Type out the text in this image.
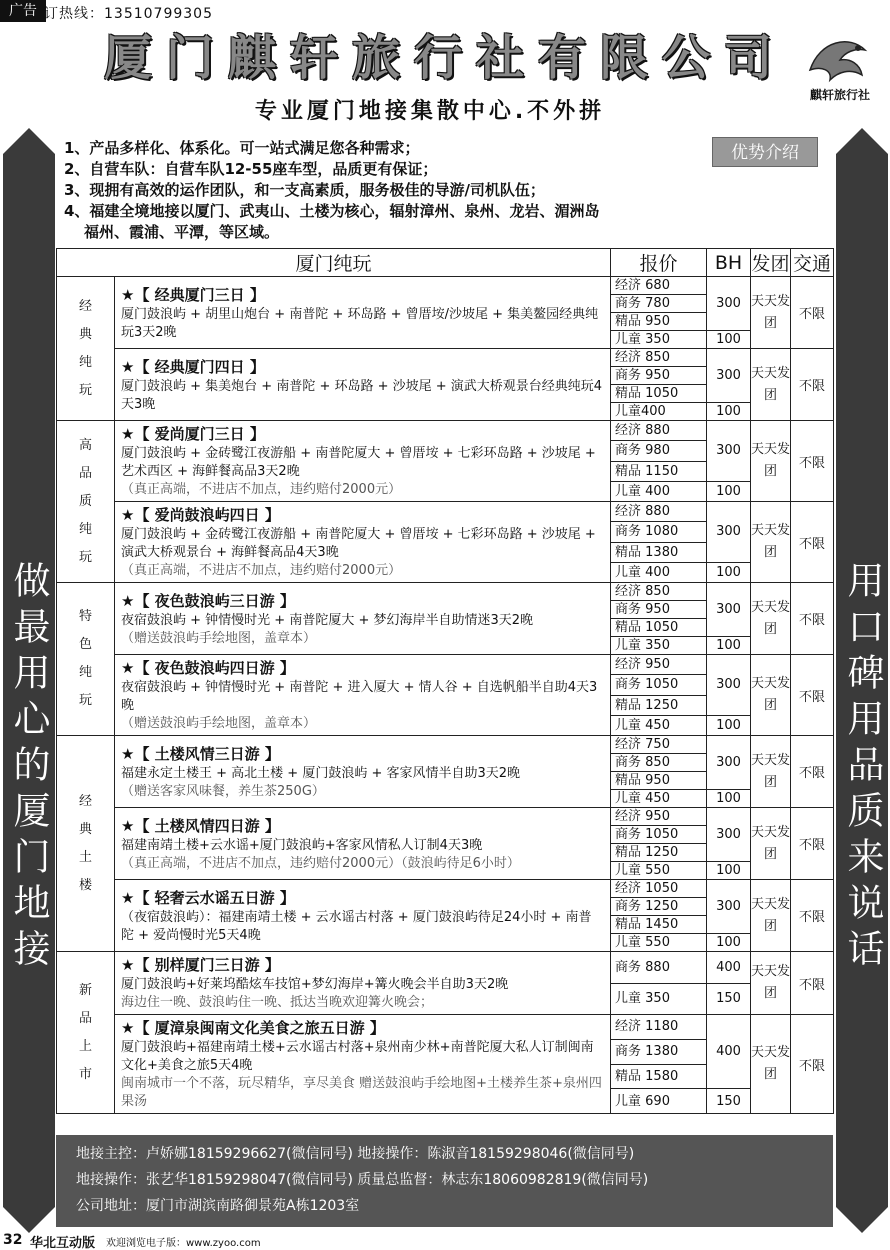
广告 订热线：13510799305
厦门麒轩旅行社有限公司
麒轩旅行社
专业厦门地接集散中心.不外拼
做最用心的厦门地接	用口碑用品质来说话
1、产品多样化、体系化。可一站式满足您各种需求；
2、自营车队：自营车队12-55座车型，品质更有保证；
3、现拥有高效的运作团队，和一支高素质，服务极佳的导游/司机队伍；
4、福建全境地接以厦门、武夷山、土楼为核心，辐射漳州、泉州、龙岩、湄洲岛
福州、霞浦、平潭，等区域。
优势介绍
厦门纯玩		报价	BH	发团	交通
经典纯玩	★【 经典厦门三日 】
厦门鼓浪屿 + 胡里山炮台 + 南普陀 + 环岛路 + 曾厝垵/沙坡尾 + 集美鳌园经典纯玩3天2晚	经济 680	300	天天发团	不限
		商务 780			
		精品 950			
		儿童 350	100		

	★【 经典厦门四日 】
厦门鼓浪屿 + 集美炮台 + 南普陀 + 环岛路 + 沙坡尾 + 演武大桥观景台经典纯玩4天3晚	经济 850	300	天天发团	不限
		商务 950			
		精品 1050			
		儿童400	100		
高品质纯玩	★【 爱尚厦门三日 】
厦门鼓浪屿 + 金砖鹭江夜游船 + 南普陀厦大 + 曾厝垵 + 七彩环岛路 + 沙坡尾 + 艺术西区 + 海鲜餐高品3天2晚
（真正高端，不进店不加点，违约赔付2000元）	经济 880	300	天天发团	不限
		商务 980			
		精品 1150			
		儿童 400	100		

	★【 爱尚鼓浪屿四日 】
厦门鼓浪屿 + 金砖鹭江夜游船 + 南普陀厦大 + 曾厝垵 + 七彩环岛路 + 沙坡尾 + 演武大桥观景台 + 海鲜餐高品4天3晚
（真正高端，不进店不加点，违约赔付2000元）	经济 880	300	天天发团	不限
		商务 1080			
		精品 1380			
		儿童 400	100		
特色纯玩	★【 夜色鼓浪屿三日游 】
夜宿鼓浪屿 + 钟情慢时光 + 南普陀厦大 + 梦幻海岸半自助情迷3天2晚
（赠送鼓浪屿手绘地图，盖章本）	经济 850	300	天天发团	不限
		商务 950			
		精品 1050			
		儿童 350	100		

	★【 夜色鼓浪屿四日游 】
夜宿鼓浪屿 + 钟情慢时光 + 南普陀 + 进入厦大 + 情人谷 + 自选帆船半自助4天3晚
（赠送鼓浪屿手绘地图，盖章本）	经济 950	300	天天发团	不限
		商务 1050			
		精品 1250			
		儿童 450	100		
经典土楼	★【 土楼风情三日游 】
福建永定土楼王 + 高北土楼 + 厦门鼓浪屿 + 客家风情半自助3天2晚
（赠送客家风味餐，养生茶250G）	经济 750	300	天天发团	不限
		商务 850			
		精品 950			
		儿童 450	100		

	★【 土楼风情四日游 】
福建南靖土楼+云水谣+厦门鼓浪屿+客家风情私人订制4天3晚
（真正高端，不进店不加点，违约赔付2000元）（鼓浪屿待足6小时）	经济 950	300	天天发团	不限
		商务 1050			
		精品 1250			
		儿童 550	100		

	★【 轻奢云水谣五日游 】
（夜宿鼓浪屿）：福建南靖土楼 + 云水谣古村落 + 厦门鼓浪屿待足24小时 + 南普陀 + 爱尚慢时光5天4晚	经济 1050	300	天天发团	不限
		商务 1250			
		精品 1450			
		儿童 550	100		
新品上市	★【 别样厦门三日游 】
厦门鼓浪屿+好莱坞酷炫车技馆+梦幻海岸+篝火晚会半自助3天2晚
海边住一晚、鼓浪屿住一晚、抵达当晚欢迎篝火晚会；	商务 880	400	天天发团	不限
		儿童 350	150		

	★【 厦漳泉闽南文化美食之旅五日游 】
厦门鼓浪屿+福建南靖土楼+云水谣古村落+泉州南少林+南普陀厦大私人订制闽南文化+美食之旅5天4晚
闽南城市一个不落，玩尽精华，享尽美食 赠送鼓浪屿手绘地图+土楼养生茶+泉州四果汤	经济 1180	400	天天发团	不限
		商务 1380			
		精品 1580			
		儿童 690	150		
地接主控：卢娇娜18159296627(微信同号) 地接操作：陈淑音18159298046(微信同号)
地接操作：张艺华18159298047(微信同号) 质量总监督：林志东18060982819(微信同号)
公司地址：厦门市湖滨南路御景苑A栋1203室
32 华北互动版 欢迎浏览电子版：www.zyoo.com
